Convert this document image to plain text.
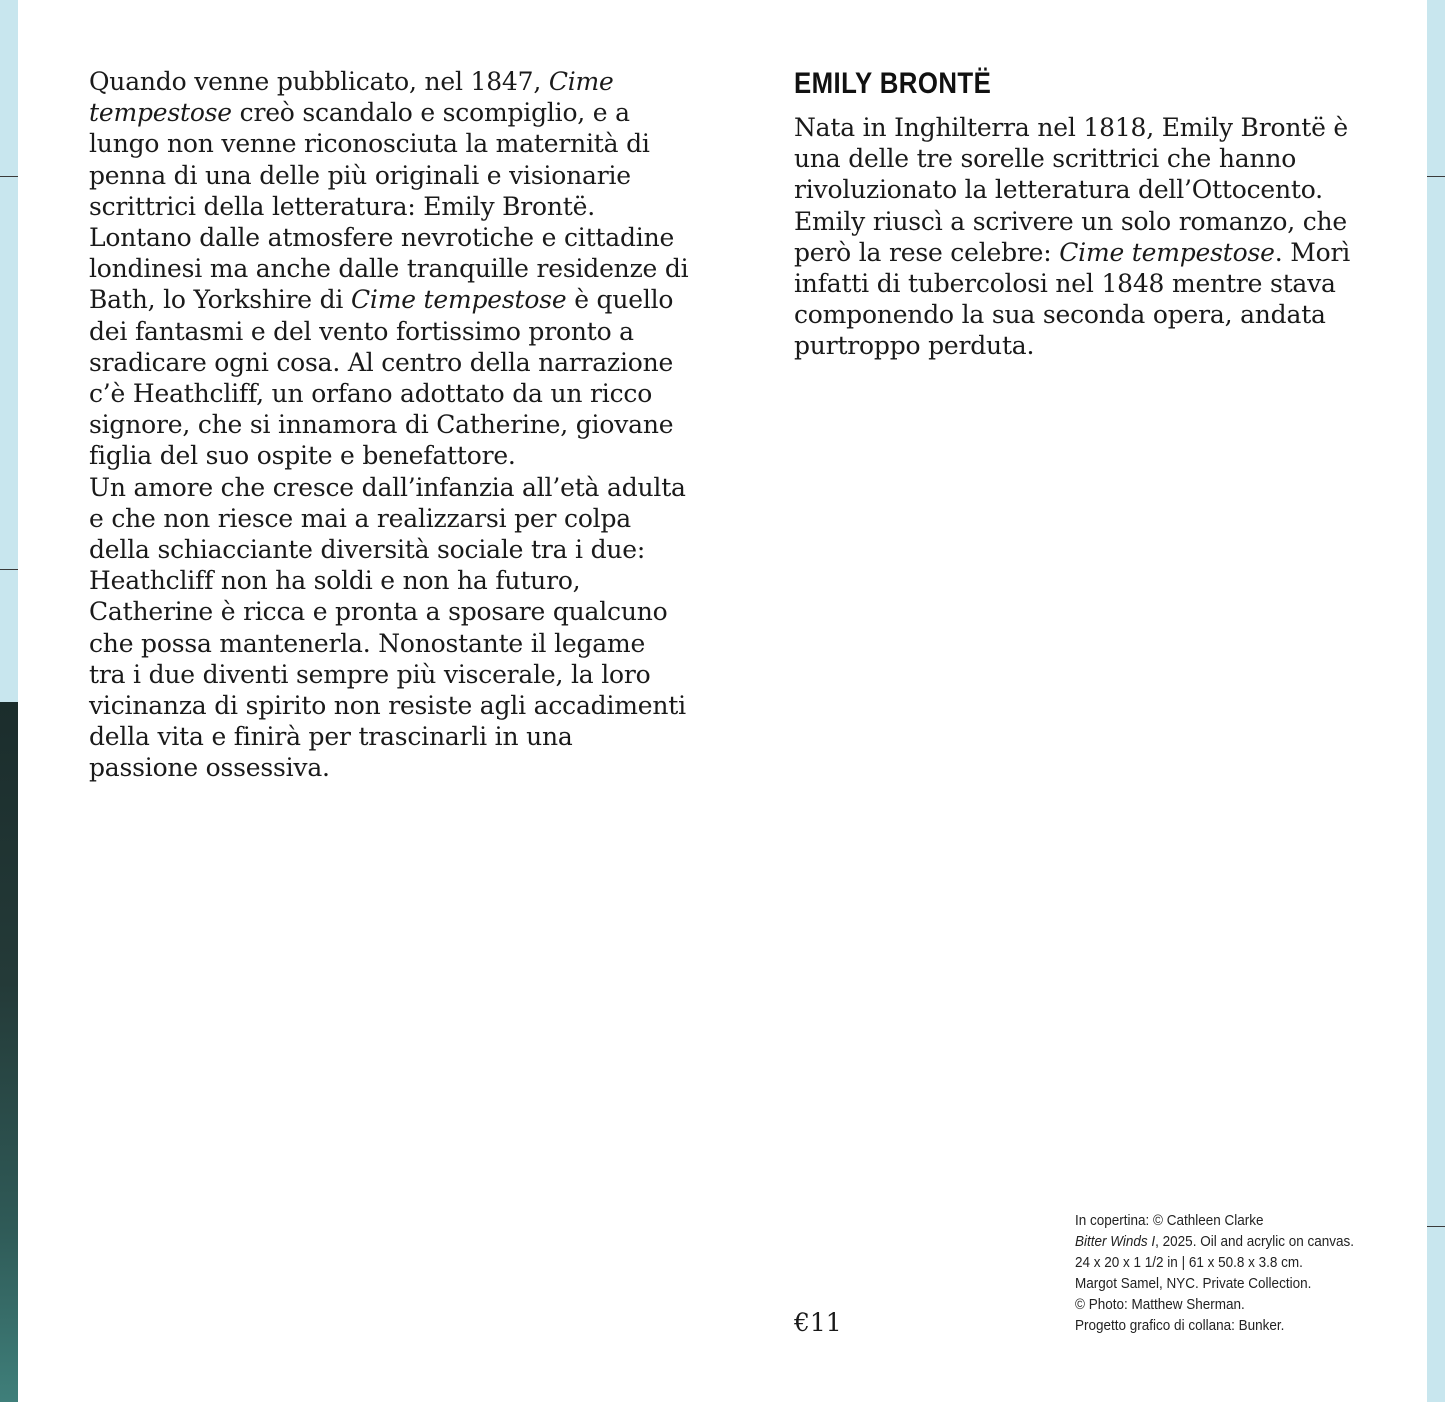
Quando venne pubblicato, nel 1847, Cime tempestose creò scandalo e scompiglio, e a lungo non venne riconosciuta la maternità di penna di una delle più originali e visionarie scrittrici della letteratura: Emily Brontë. Lontano dalle atmosfere nevrotiche e cittadine londinesi ma anche dalle tranquille residenze di Bath, lo Yorkshire di Cime tempestose è quello dei fantasmi e del vento fortissimo pronto a sradicare ogni cosa. Al centro della narrazione c’è Heathcliff, un orfano adottato da un ricco signore, che si innamora di Catherine, giovane figlia del suo ospite e benefattore.

Un amore che cresce dall’infanzia all’età adulta e che non riesce mai a realizzarsi per colpa della schiacciante diversità sociale tra i due: Heathcliff non ha soldi e non ha futuro, Catherine è ricca e pronta a sposare qualcuno che possa mantenerla. Nonostante il legame tra i due diventi sempre più viscerale, la loro vicinanza di spirito non resiste agli accadimenti della vita e finirà per trascinarli in una passione ossessiva.

EMILY BRONTË

Nata in Inghilterra nel 1818, Emily Brontë è una delle tre sorelle scrittrici che hanno rivoluzionato la letteratura dell’Ottocento. Emily riuscì a scrivere un solo romanzo, che però la rese celebre: Cime tempestose. Morì infatti di tubercolosi nel 1848 mentre stava componendo la sua seconda opera, andata purtroppo perduta.

€11
In copertina: © Cathleen Clarke
Bitter Winds I, 2025. Oil and acrylic on canvas.
24 x 20 x 1 1/2 in | 61 x 50.8 x 3.8 cm.
Margot Samel, NYC. Private Collection.
© Photo: Matthew Sherman.
Progetto grafico di collana: Bunker.
